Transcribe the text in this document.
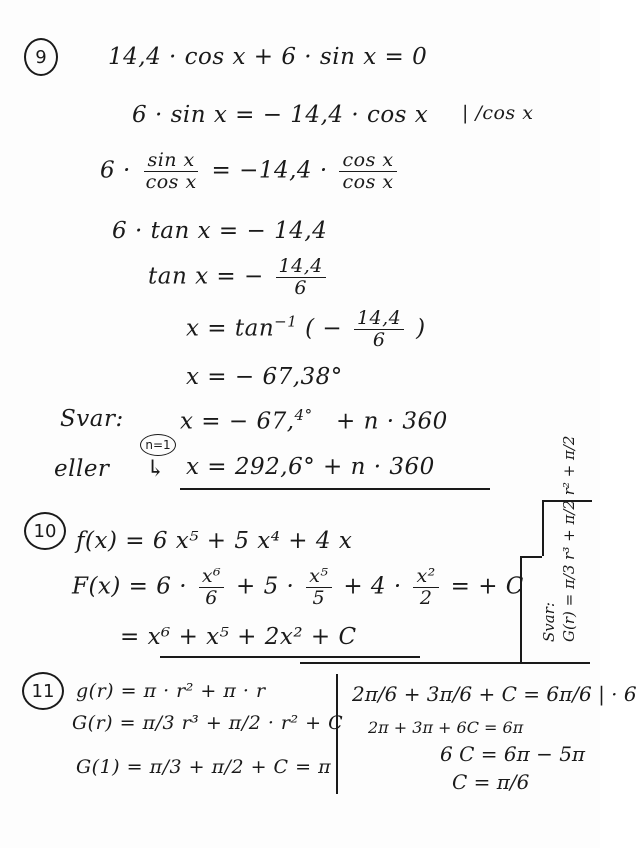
9	14,4 · cos x + 6 · sin x = 0
6 · sin x = − 14,4 · cos x | /cos x
$6 \cdot \frac{\text{sin x}}{\text{cos x}} = -14,4 \cdot \frac{\text{cos x}}{\text{cos x}}$
6 · tan x = − 14,4
tan x = − $\frac{14,4}{6}$
$x = \tan^{-1}$ ( − $\frac{14,4}{6}$ )
x = − 67,38°
Svar: x = − 67,$^{4^\circ}$ + n · 360
n=1
eller ↳ x = 292,6° + n · 360
10 f(x) = 6 x⁵ + 5 x⁴ + 4 x
$F(x) = 6 \cdot \frac{\text{x⁶}}{6} + 5 \cdot \frac{\text{x⁵}}{5} + 4 \cdot \frac{\text{x²}}{2}$ = + C
= x⁶ + x⁵ + 2x² + C	Svar: G(r) = π/3 r³ + π/2 r² + π/2
11 g(r) = π · r² + π · r
G(r) = π/3 r³ + π/2 · r² + C
G(1) = π/3 + π/2 + C = π
2π/6 + 3π/6 + C = 6π/6 | · 6
2π + 3π + 6C = 6π
6 C = 6π − 5π
C = π/6
